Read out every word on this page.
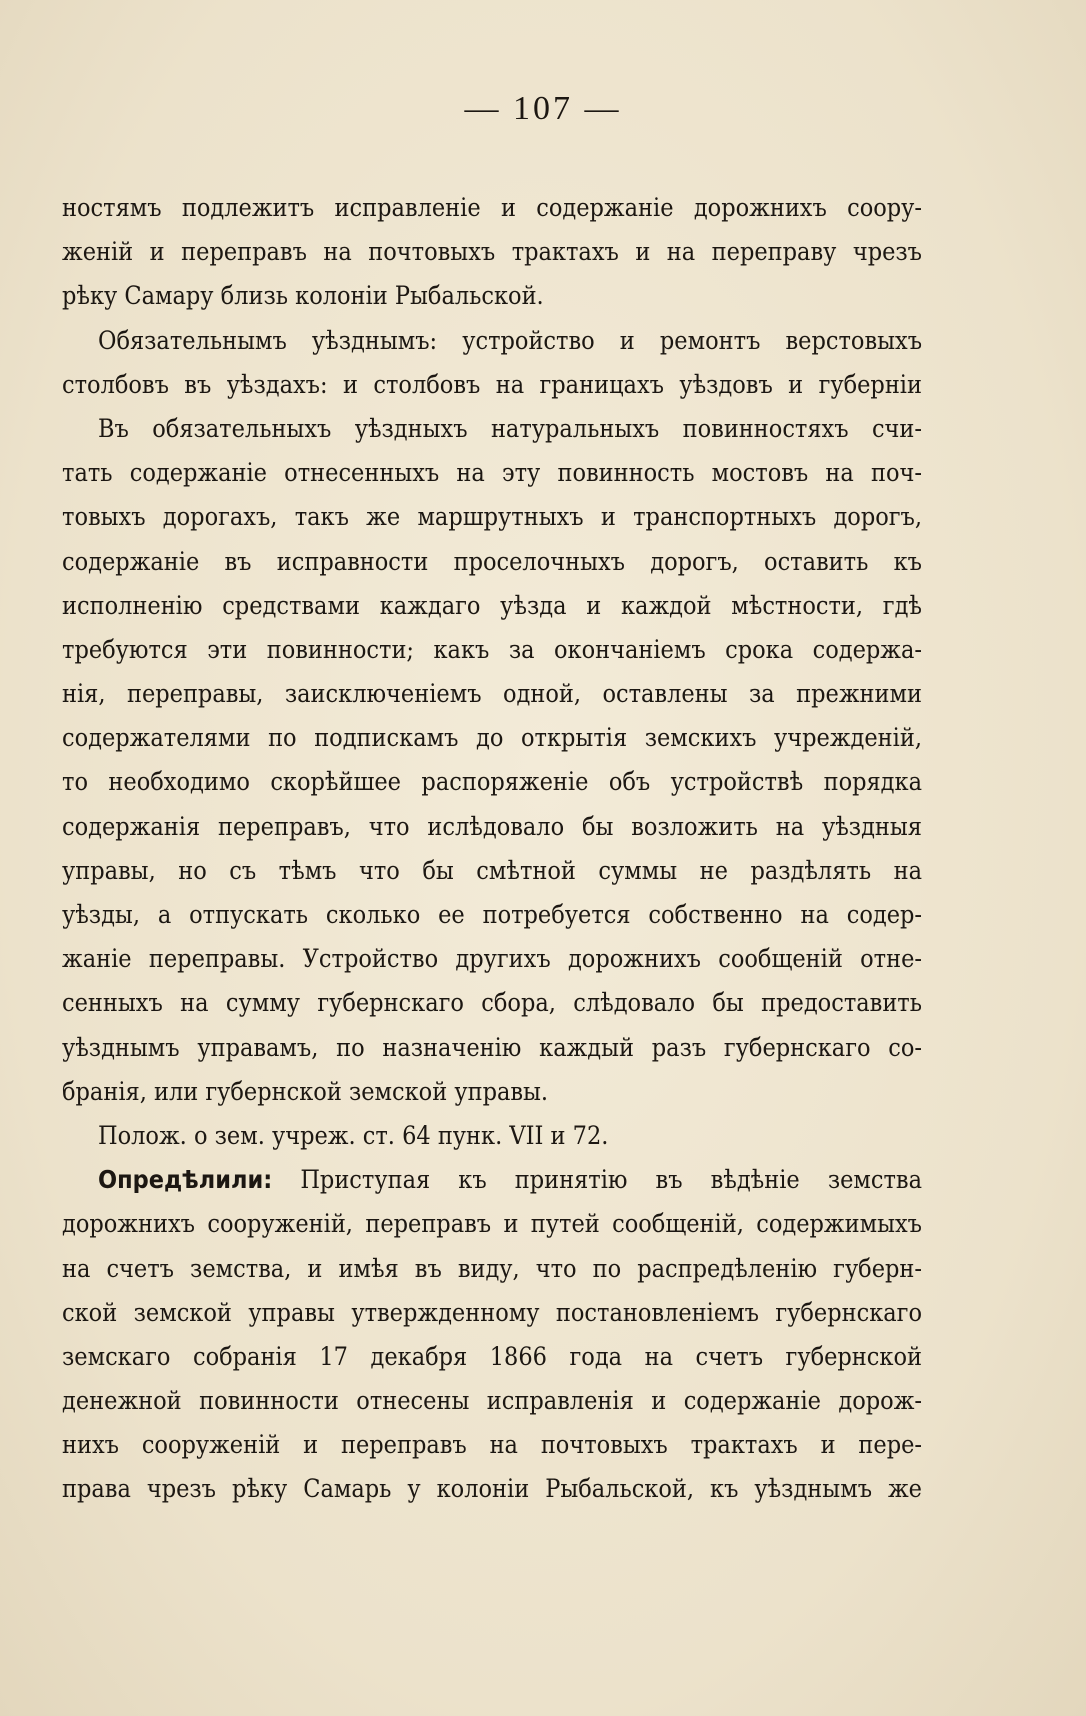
— 107 —
ностямъ подлежитъ исправленіе и содержаніе дорожнихъ соору-
женій и переправъ на почтовыхъ трактахъ и на переправу чрезъ
рѣку Самару близь колоніи Рыбальской.
Обязательнымъ уѣзднымъ: устройство и ремонтъ верстовыхъ
столбовъ въ уѣздахъ: и столбовъ на границахъ уѣздовъ и губерніи
Въ обязательныхъ уѣздныхъ натуральныхъ повинностяхъ счи-
тать содержаніе отнесенныхъ на эту повинность мостовъ на поч-
товыхъ дорогахъ, такъ же маршрутныхъ и транспортныхъ дорогъ,
содержаніе въ исправности проселочныхъ дорогъ, оставить къ
исполненію средствами каждаго уѣзда и каждой мѣстности, гдѣ
требуются эти повинности; какъ за окончаніемъ срока содержа-
нія, переправы, заисключеніемъ одной, оставлены за прежними
содержателями по подпискамъ до открытія земскихъ учрежденій,
то необходимо скорѣйшее распоряженіе объ устройствѣ порядка
содержанія переправъ, что ислѣдовало бы возложить на уѣздныя
управы, но съ тѣмъ что бы смѣтной суммы не раздѣлять на
уѣзды, а отпускать сколько ее потребуется собственно на содер-
жаніе переправы. Устройство другихъ дорожнихъ сообщеній отне-
сенныхъ на сумму губернскаго сбора, слѣдовало бы предоставить
уѣзднымъ управамъ, по назначенію каждый разъ губернскаго со-
бранія, или губернской земской управы.
Полож. о зем. учреж. ст. 64 пунк. VII и 72.
Опредѣлили: Приступая къ принятію въ вѣдѣніе земства
дорожнихъ сооруженій, переправъ и путей сообщеній, содержимыхъ
на счетъ земства, и имѣя въ виду, что по распредѣленію губерн-
ской земской управы утвержденному постановленіемъ губернскаго
земскаго собранія 17 декабря 1866 года на счетъ губернской
денежной повинности отнесены исправленія и содержаніе дорож-
нихъ сооруженій и переправъ на почтовыхъ трактахъ и пере-
права чрезъ рѣку Самарь у колоніи Рыбальской, къ уѣзднымъ же
